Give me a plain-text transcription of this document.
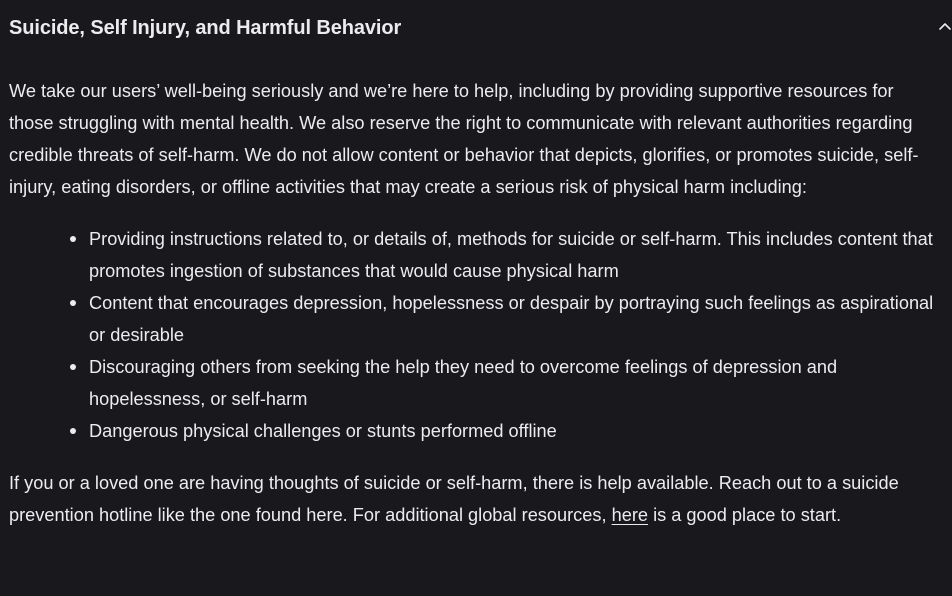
Suicide, Self Injury, and Harmful Behavior

We take our users’ well-being seriously and we’re here to help, including by providing supportive resources for those struggling with mental health. We also reserve the right to communicate with relevant authorities regarding credible threats of self-harm. We do not allow content or behavior that depicts, glorifies, or promotes suicide, self-injury, eating disorders, or offline activities that may create a serious risk of physical harm including:

Providing instructions related to, or details of, methods for suicide or self-harm. This includes content that promotes ingestion of substances that would cause physical harm
Content that encourages depression, hopelessness or despair by portraying such feelings as aspirational or desirable
Discouraging others from seeking the help they need to overcome feelings of depression and hopelessness, or self-harm
Dangerous physical challenges or stunts performed offline

If you or a loved one are having thoughts of suicide or self-harm, there is help available. Reach out to a suicide prevention hotline like the one found here. For additional global resources, here is a good place to start.
